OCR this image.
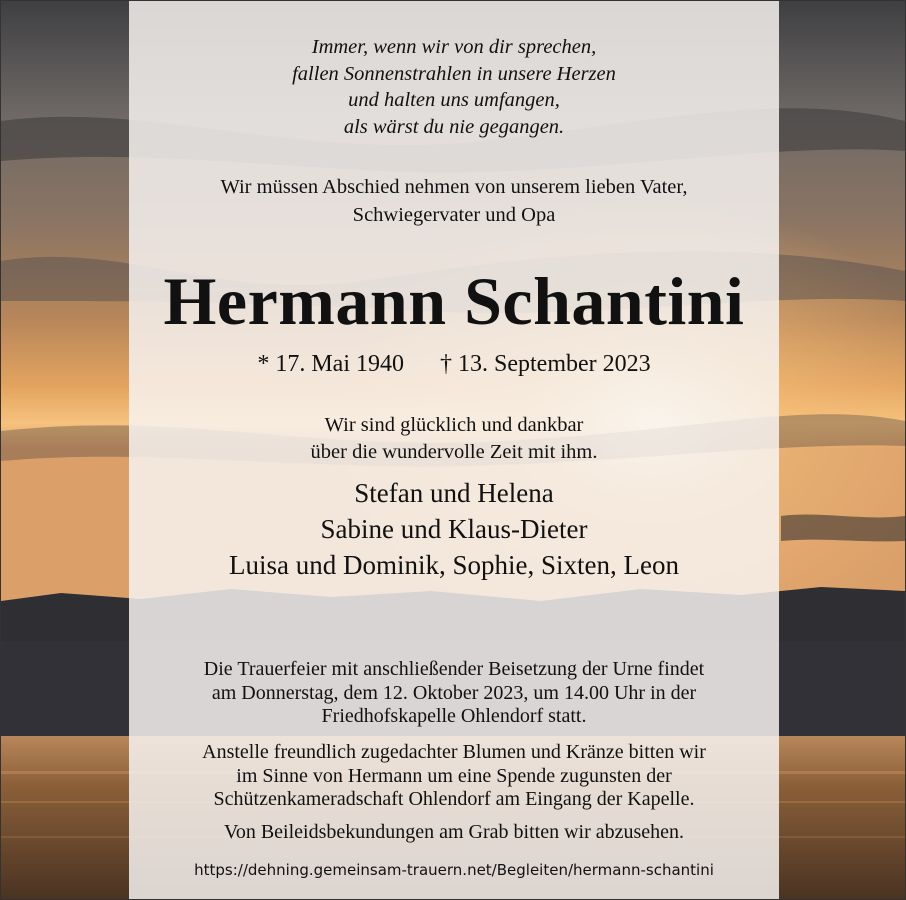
Immer, wenn wir von dir sprechen,
fallen Sonnenstrahlen in unsere Herzen
und halten uns umfangen,
als wärst du nie gegangen.

Wir müssen Abschied nehmen von unserem lieben Vater,
Schwiegervater und Opa

Hermann Schantini

* 17. Mai 1940 † 13. September 2023

Wir sind glücklich und dankbar
über die wundervolle Zeit mit ihm.

Stefan und Helena
Sabine und Klaus-Dieter
Luisa und Dominik, Sophie, Sixten, Leon

Die Trauerfeier mit anschließender Beisetzung der Urne findet
am Donnerstag, dem 12. Oktober 2023, um 14.00 Uhr in der
Friedhofskapelle Ohlendorf statt.

Anstelle freundlich zugedachter Blumen und Kränze bitten wir
im Sinne von Hermann um eine Spende zugunsten der
Schützenkameradschaft Ohlendorf am Eingang der Kapelle.

Von Beileidsbekundungen am Grab bitten wir abzusehen.

https://dehning.gemeinsam-trauern.net/Begleiten/hermann-schantini
